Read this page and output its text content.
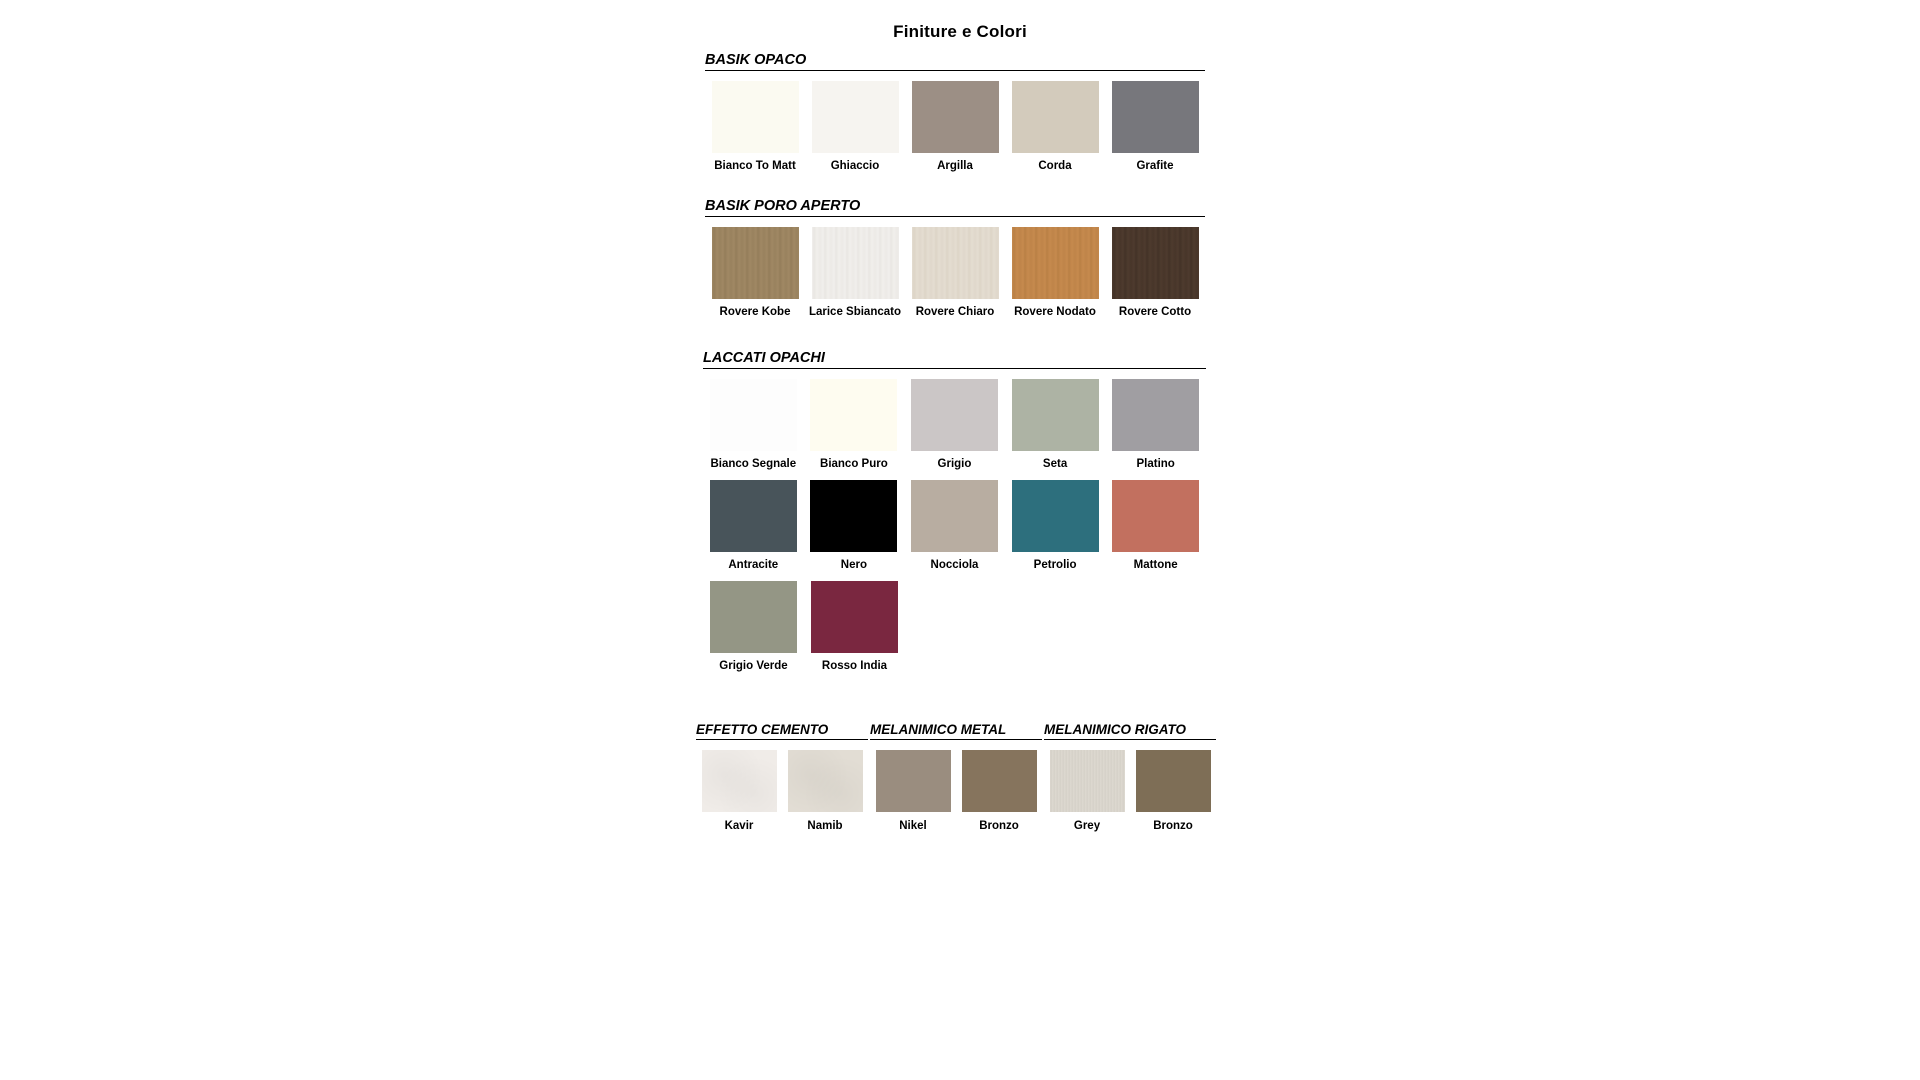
Finiture e Colori
BASIK OPACO
Bianco To Matt	Ghiaccio	Argilla	Corda	Grafite
BASIK PORO APERTO
Rovere Kobe	Larice Sbiancato	Rovere Chiaro	Rovere Nodato	Rovere Cotto
LACCATI OPACHI
Bianco Segnale	Bianco Puro	Grigio	Seta	Platino
Antracite	Nero	Nocciola	Petrolio	Mattone
Grigio Verde	Rosso India
EFFETTO CEMENTO
Kavir	Namib
MELANIMICO METAL
Nikel	Bronzo
MELANIMICO RIGATO
Grey	Bronzo
